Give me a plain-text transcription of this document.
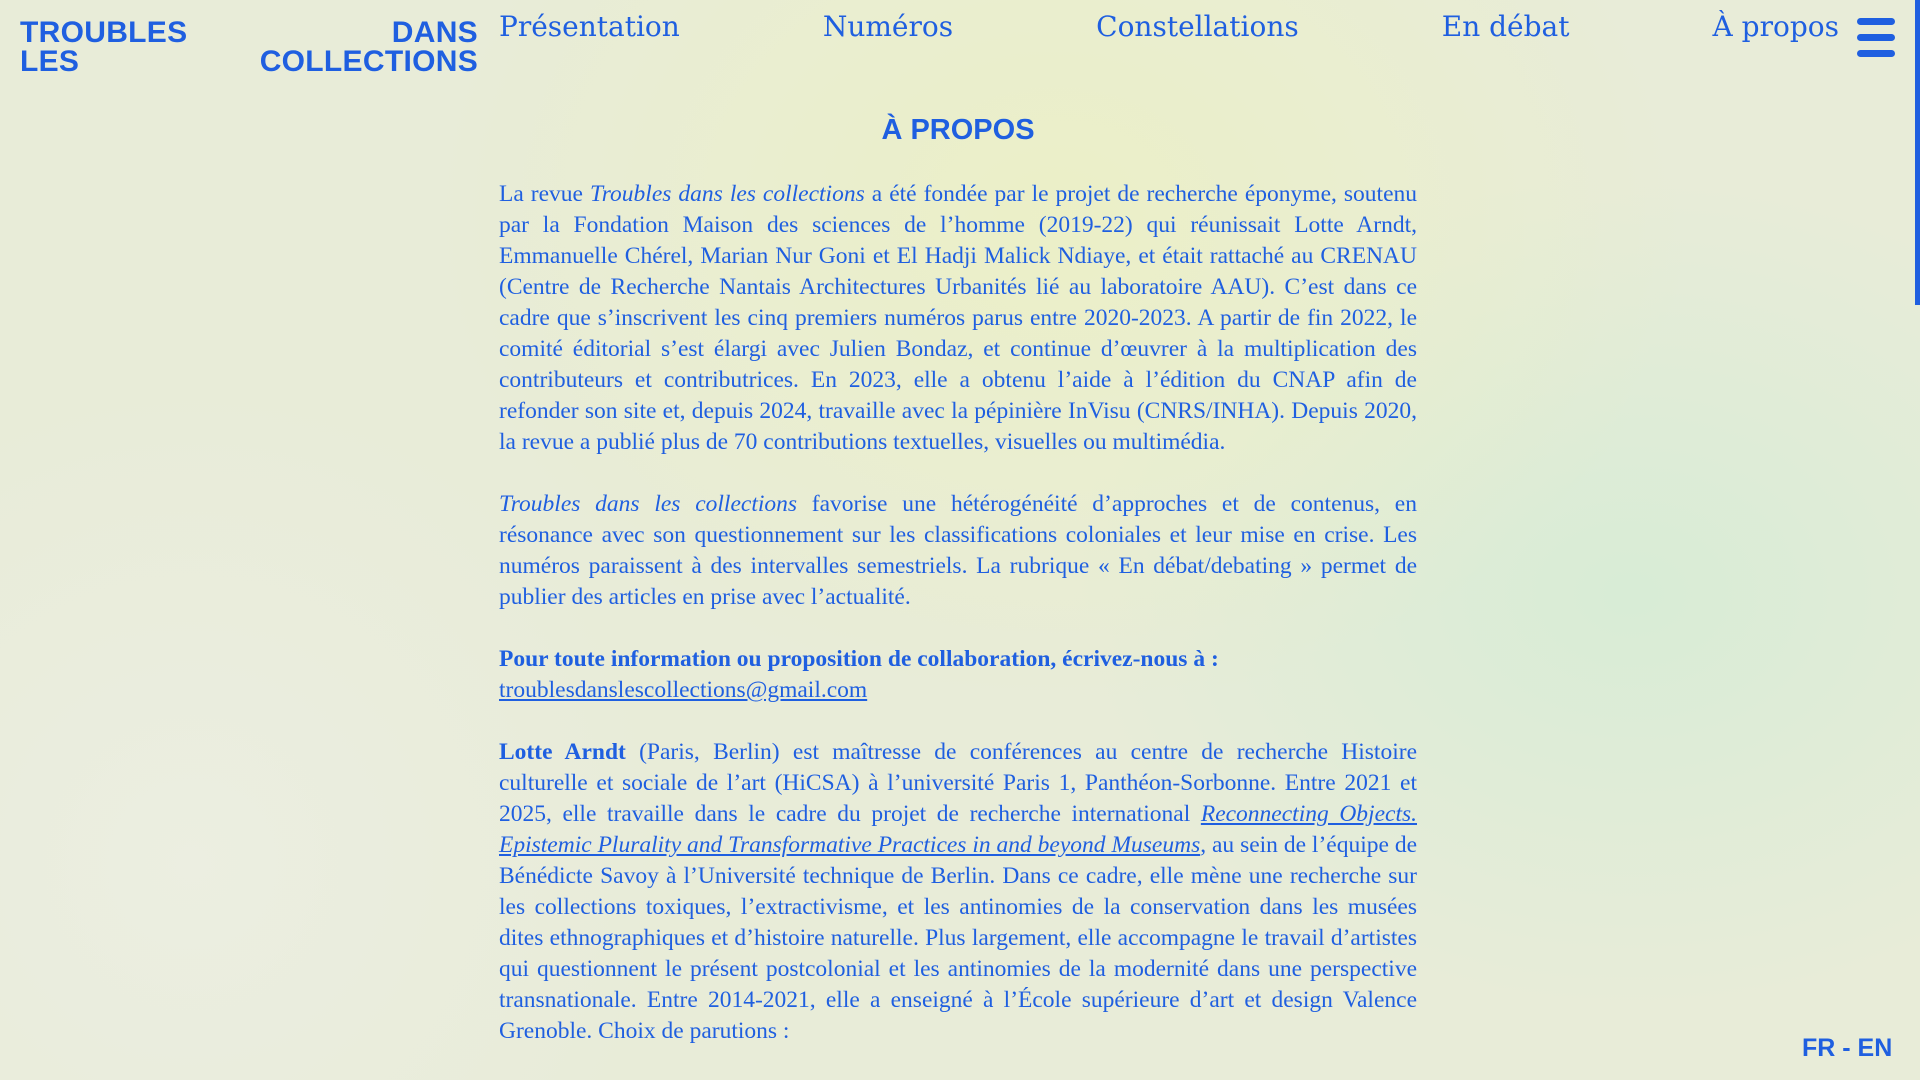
TROUBLES	DANS
LES	COLLECTIONS
Présentation	Numéros	Constellations	En débat	À propos
À PROPOS

La revue Troubles dans les collections a été fondée par le projet de recherche éponyme, soutenu par la Fondation Maison des sciences de l’homme (2019-22) qui réunissait Lotte Arndt, Emmanuelle Chérel, Marian Nur Goni et El Hadji Malick Ndiaye, et était rattaché au CRENAU (Centre de Recherche Nantais Architectures Urbanités lié au laboratoire AAU). C’est dans ce cadre que s’inscrivent les cinq premiers numéros parus entre 2020-2023. A partir de fin 2022, le comité éditorial s’est élargi avec Julien Bondaz, et continue d’œuvrer à la multiplication des contributeurs et contributrices. En 2023, elle a obtenu l’aide à l’édition du CNAP afin de refonder son site et, depuis 2024, travaille avec la pépinière InVisu (CNRS/INHA). Depuis 2020, la revue a publié plus de 70 contributions textuelles, visuelles ou multimédia.

Troubles dans les collections favorise une hétérogénéité d’approches et de contenus, en résonance avec son questionnement sur les classifications coloniales et leur mise en crise. Les numéros paraissent à des intervalles semestriels. La rubrique « En débat/debating » permet de publier des articles en prise avec l’actualité.

Pour toute information ou proposition de collaboration, écrivez-nous à :
troublesdanslescollections@gmail.com

Lotte Arndt (Paris, Berlin) est maîtresse de conférences au centre de recherche Histoire culturelle et sociale de l’art (HiCSA) à l’université Paris 1, Panthéon-Sorbonne. Entre 2021 et 2025, elle travaille dans le cadre du projet de recherche international Reconnecting Objects. Epistemic Plurality and Transformative Practices in and beyond Museums, au sein de l’équipe de Bénédicte Savoy à l’Université technique de Berlin. Dans ce cadre, elle mène une recherche sur les collections toxiques, l’extractivisme, et les antinomies de la conservation dans les musées dites ethnographiques et d’histoire naturelle. Plus largement, elle accompagne le travail d’artistes qui questionnent le présent postcolonial et les antinomies de la modernité dans une perspective transnationale. Entre 2014-2021, elle a enseigné à l’École supérieure d’art et design Valence Grenoble. Choix de parutions :

FR - EN
